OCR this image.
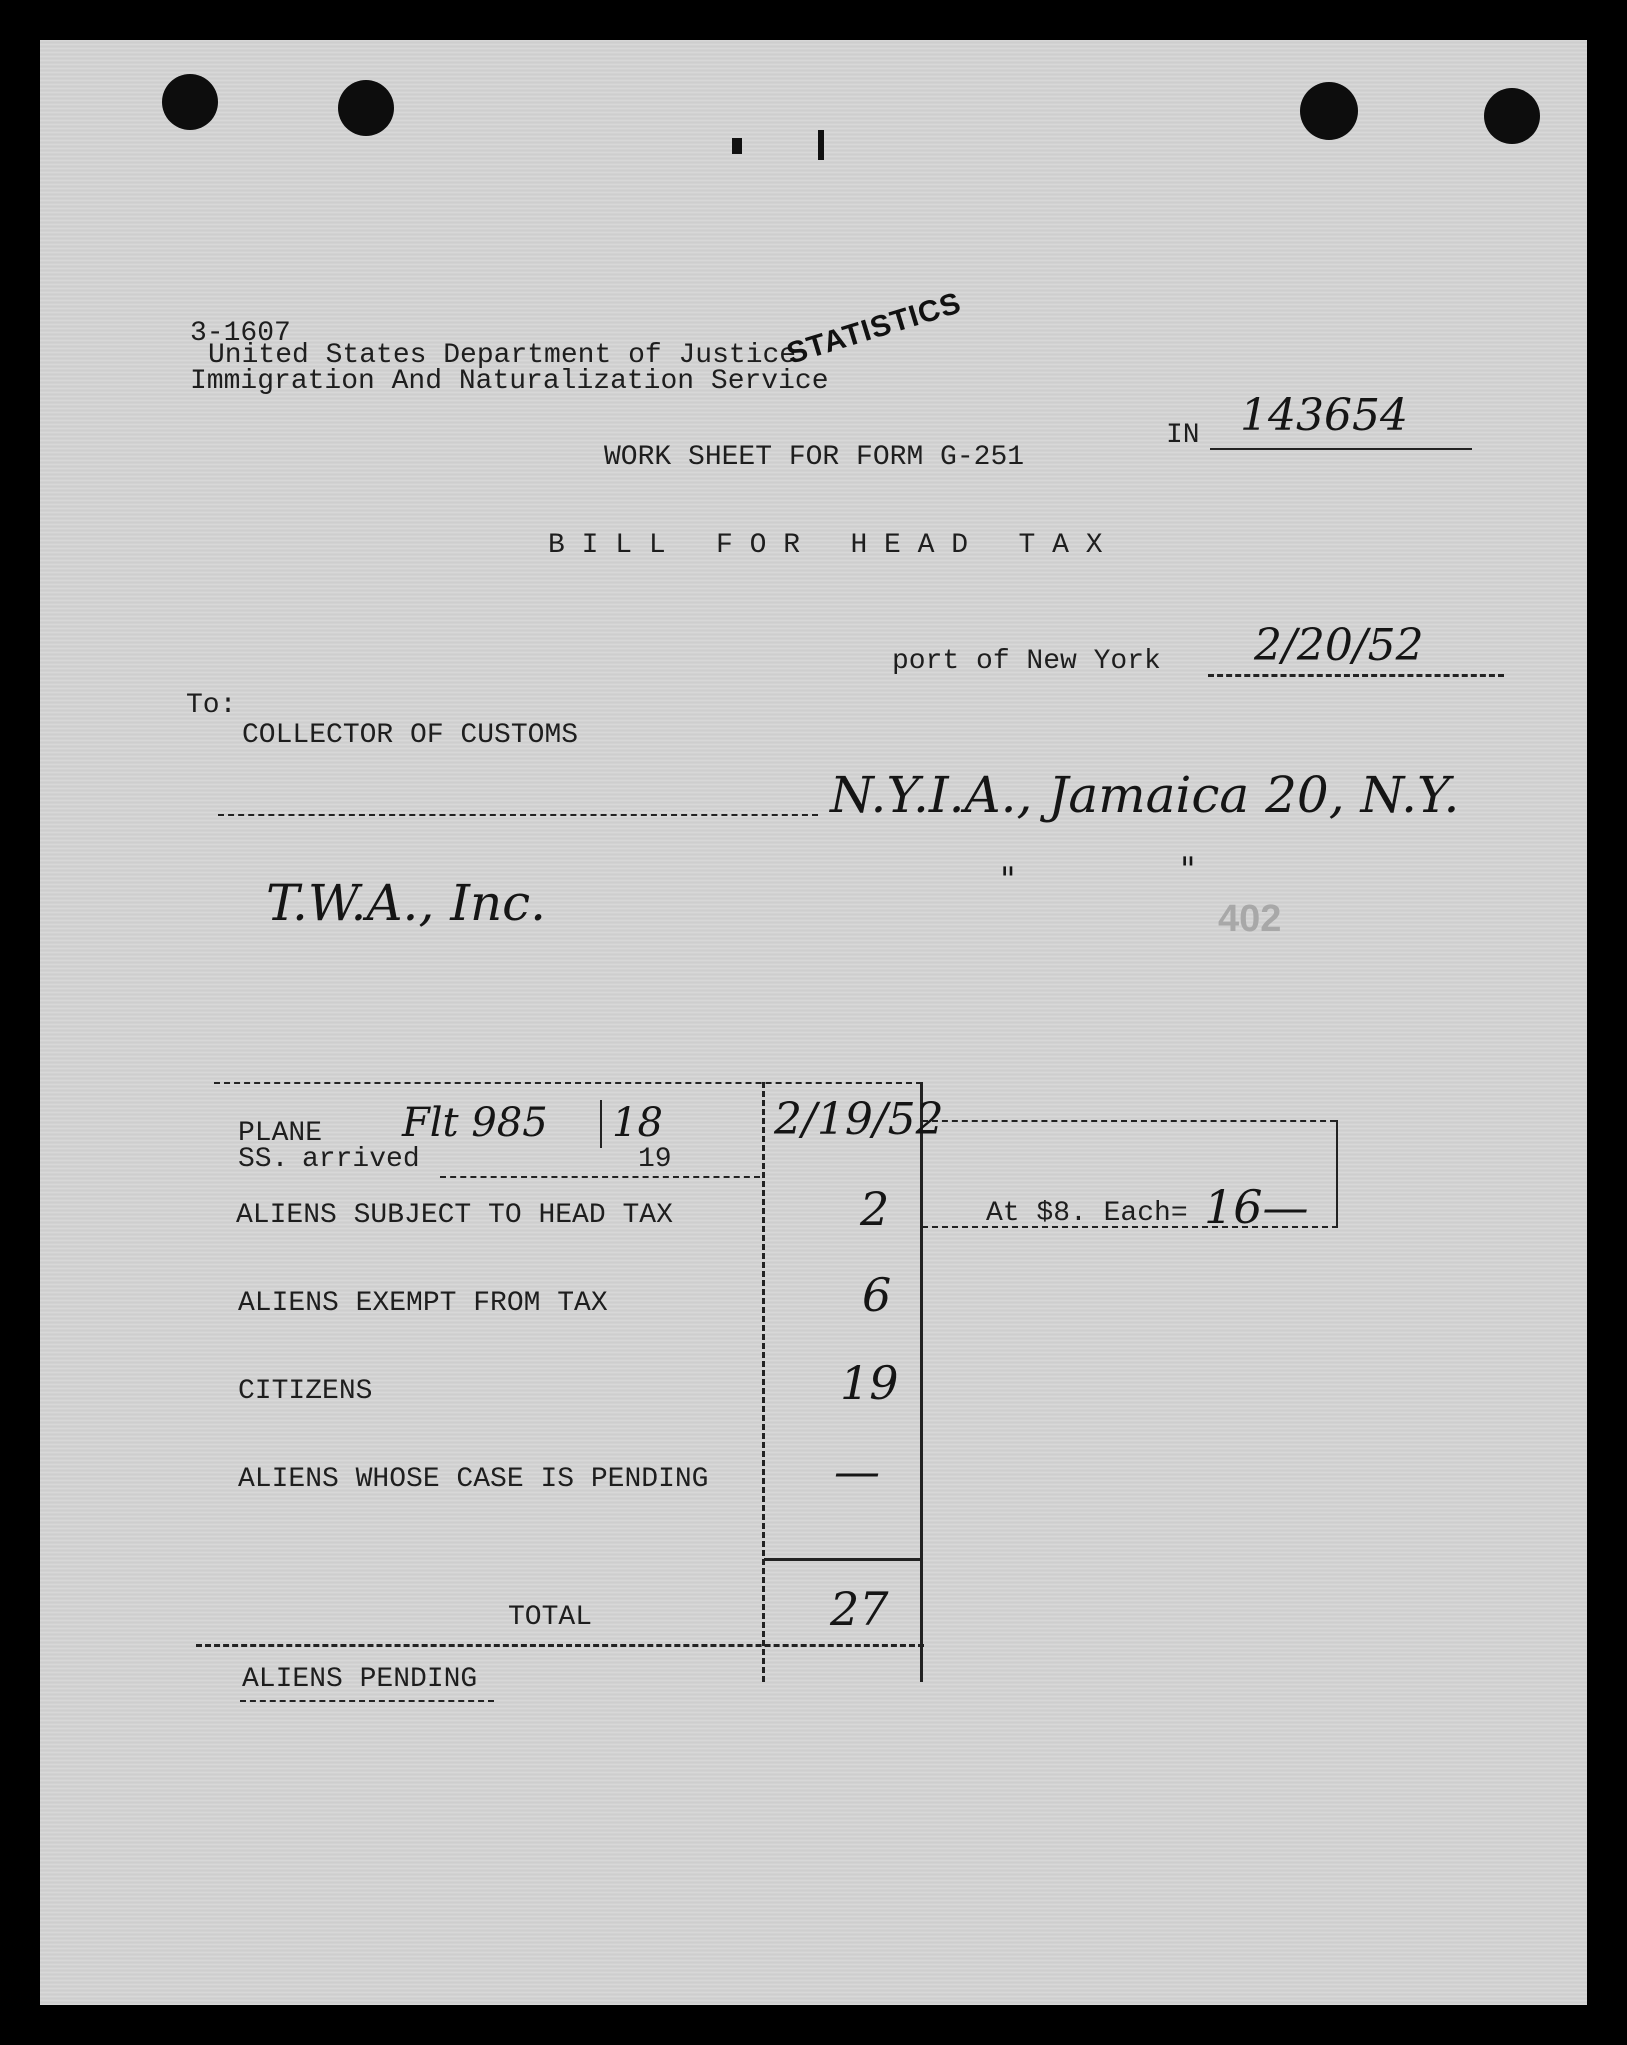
3-1607
United States Department of Justice
Immigration And Naturalization Service
STATISTICS
IN 143654
WORK SHEET FOR FORM G-251
B I L L   F O R   H E A D   T A X
port of New York 2/20/52
To:
COLLECTOR OF CUSTOMS
N.Y.I.A., Jamaica 20, N.Y.
T.W.A., Inc.	"	"
402
PLANE Flt 985 18
SS. arrived	19
2/19/52
ALIENS SUBJECT TO HEAD TAX	2	At $8. Each= 16—
ALIENS EXEMPT FROM TAX	6
CITIZENS	19
ALIENS WHOSE CASE IS PENDING	—
TOTAL	27
ALIENS PENDING
